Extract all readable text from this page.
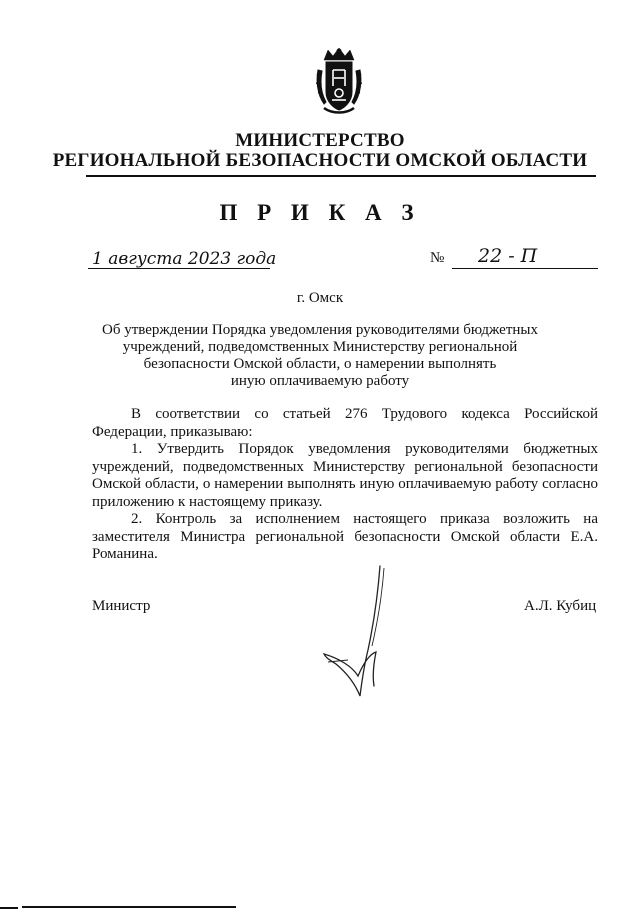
МИНИСТЕРСТВО
РЕГИОНАЛЬНОЙ БЕЗОПАСНОСТИ ОМСКОЙ ОБЛАСТИ
П Р И К А З
1 августа 2023 года	№ 22 - П
г. Омск
Об утверждении Порядка уведомления руководителями бюджетных
учреждений, подведомственных Министерству региональной
безопасности Омской области, о намерении выполнять
иную оплачиваемую работу

В соответствии со статьей 276 Трудового кодекса Российской Федерации, приказываю:

1. Утвердить Порядок уведомления руководителями бюджетных учреждений, подведомственных Министерству региональной безопасности Омской области, о намерении выполнять иную оплачиваемую работу согласно приложению к настоящему приказу.

2. Контроль за исполнением настоящего приказа возложить на заместителя Министра региональной безопасности Омской области Е.А. Романинa.

Министр	А.Л. Кубиц
